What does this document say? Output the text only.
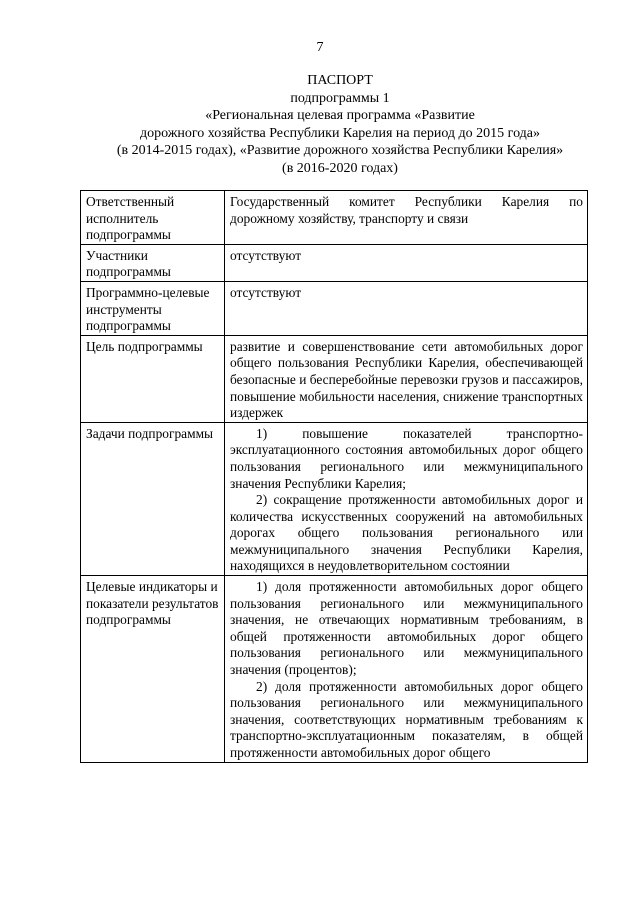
7
ПАСПОРТ
подпрограммы 1
«Региональная целевая программа «Развитие
дорожного хозяйства Республики Карелия на период до 2015 года»
(в 2014-2015 годах), «Развитие дорожного хозяйства Республики Карелия»
(в 2016-2020 годах)
Ответственный исполнитель подпрограммы	Государственный комитет Республики Карелия по дорожному хозяйству, транспорту и связи

Участники подпрограммы	отсутствуют

Программно-целевые инструменты подпрограммы	отсутствуют

Цель подпрограммы	развитие и совершенствование сети автомобильных дорог общего пользования Республики Карелия, обеспечивающей безопасные и бесперебойные перевозки грузов и пассажиров, повышение мобильности населения, снижение транспортных издержек

Задачи подпрограммы	1) повышение показателей транспортно-эксплуатационного состояния автомобильных дорог общего пользования регионального или межмуниципального значения Республики Карелия;
2) сокращение протяженности автомобильных дорог и количества искусственных сооружений на автомобильных дорогах общего пользования регионального или межмуниципального значения Республики Карелия, находящихся в неудовлетворительном состоянии

Целевые индикаторы и показатели результатов подпрограммы	1) доля протяженности автомобильных дорог общего пользования регионального или межмуниципального значения, не отвечающих нормативным требованиям, в общей протяженности автомобильных дорог общего пользования регионального или межмуниципального значения (процентов);
2) доля протяженности автомобильных дорог общего пользования регионального или межмуниципального значения, соответствующих нормативным требованиям к транспортно-эксплуатационным показателям, в общей протяженности автомобильных дорог общего
